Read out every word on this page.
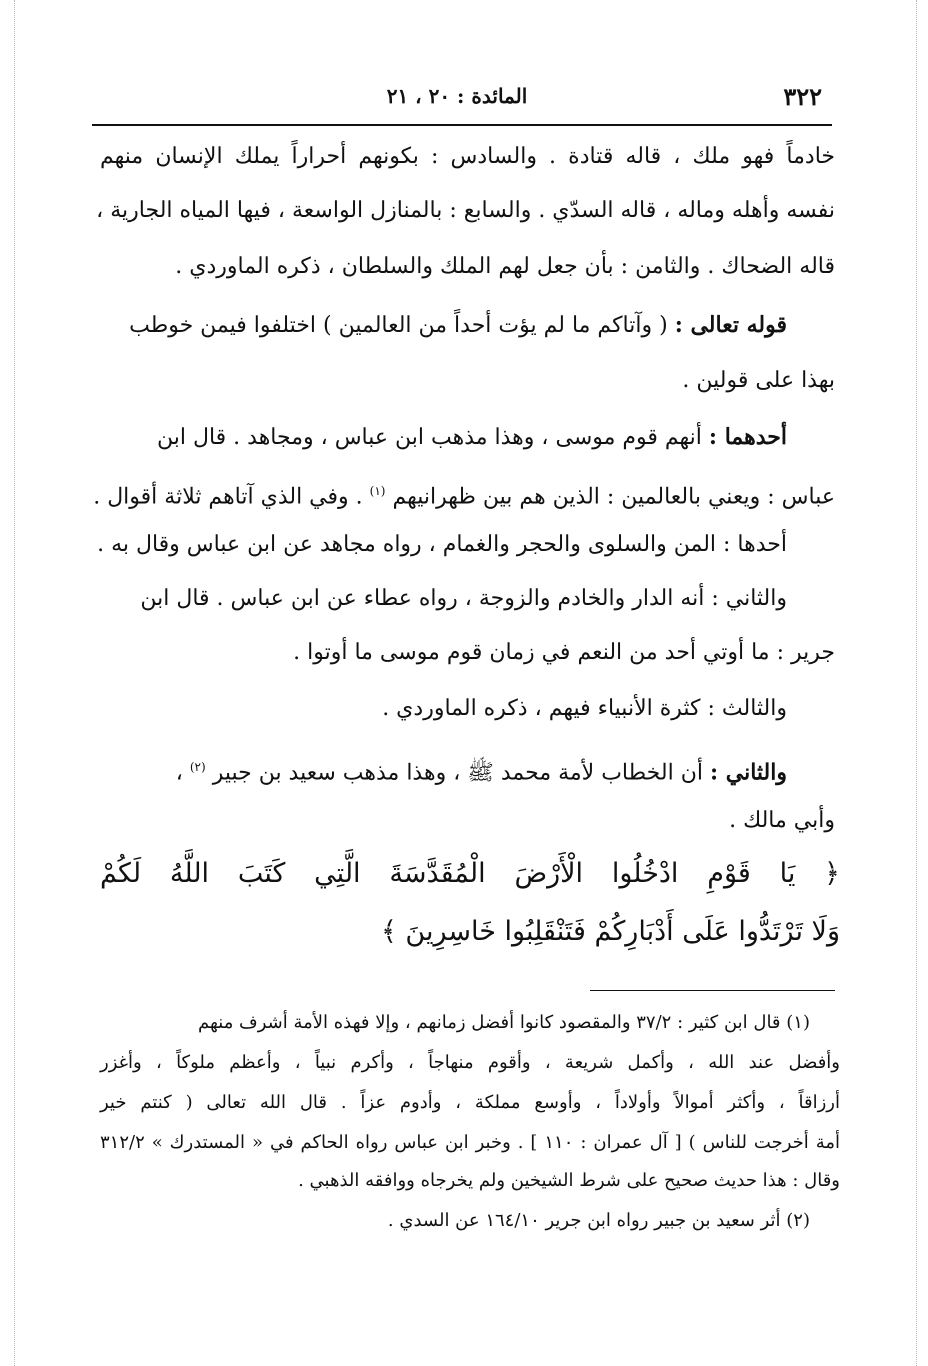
٣٢٢
المائدة : ٢٠ ، ٢١
خادماً فهو ملك ، قاله قتادة . والسادس : بكونهم أحراراً يملك الإنسان منهم
نفسه وأهله وماله ، قاله السدّي . والسابع : بالمنازل الواسعة ، فيها المياه الجارية ،
قاله الضحاك . والثامن : بأن جعل لهم الملك والسلطان ، ذكره الماوردي .
قوله تعالى : ( وآتاكم ما لم يؤت أحداً من العالمين ) اختلفوا فيمن خوطب
بهذا على قولين .
أحدهما : أنهم قوم موسى ، وهذا مذهب ابن عباس ، ومجاهد . قال ابن
عباس : ويعني بالعالمين : الذين هم بين ظهرانيهم $^{(١)}$ . وفي الذي آتاهم ثلاثة أقوال .
أحدها : المن والسلوى والحجر والغمام ، رواه مجاهد عن ابن عباس وقال به .
والثاني : أنه الدار والخادم والزوجة ، رواه عطاء عن ابن عباس . قال ابن
جرير : ما أوتي أحد من النعم في زمان قوم موسى ما أوتوا .
والثالث : كثرة الأنبياء فيهم ، ذكره الماوردي .
والثاني : أن الخطاب لأمة محمد ﷺ ، وهذا مذهب سعيد بن جبير $^{(٢)}$ ،
وأبي مالك .
﴿ يَا قَوْمِ ادْخُلُوا الْأَرْضَ الْمُقَدَّسَةَ الَّتِي كَتَبَ اللَّهُ لَكُمْ
وَلَا تَرْتَدُّوا عَلَى أَدْبَارِكُمْ فَتَنْقَلِبُوا خَاسِرِينَ ﴾
(١) قال ابن كثير : ٣٧/٢ والمقصود كانوا أفضل زمانهم ، وإلا فهذه الأمة أشرف منهم
وأفضل عند الله ، وأكمل شريعة ، وأقوم منهاجاً ، وأكرم نبياً ، وأعظم ملوكاً ، وأغزر
أرزاقاً ، وأكثر أموالاً وأولاداً ، وأوسع مملكة ، وأدوم عزاً . قال الله تعالى ( كنتم خير
أمة أخرجت للناس ) [ آل عمران : ١١٠ ] . وخبر ابن عباس رواه الحاكم في « المستدرك » ٣١٢/٢
وقال : هذا حديث صحيح على شرط الشيخين ولم يخرجاه ووافقه الذهبي .
(٢) أثر سعيد بن جبير رواه ابن جرير ١٦٤/١٠ عن السدي .
